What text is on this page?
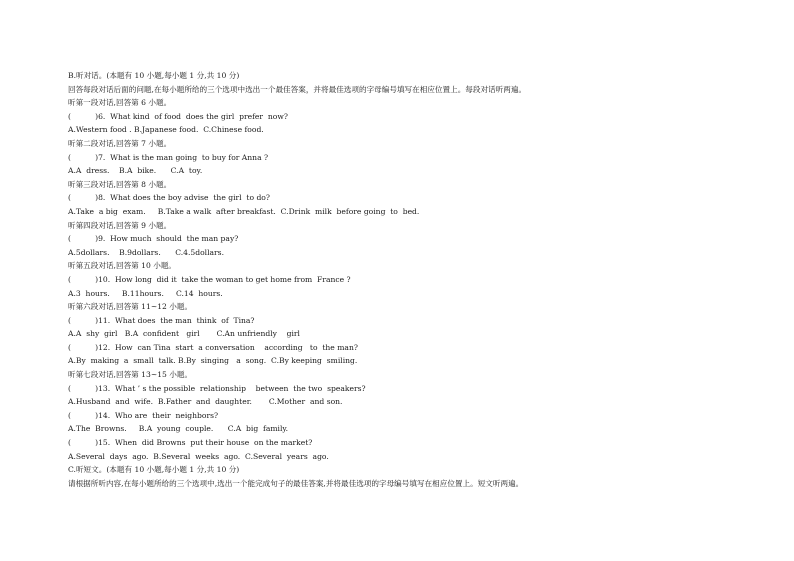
B.听对话。(本题有 10 小题,每小题 1 分,共 10 分)
回答每段对话后面的问题,在每小题所给的三个选项中选出一个最佳答案，并将最佳选项的字母编号填写在相应位置上。每段对话听两遍。
听第一段对话,回答第 6 小题。
(          )6.  What kind  of food  does the girl  prefer  now?
A.Western food . B.Japanese food.  C.Chinese food.
听第二段对话,回答第 7 小题。
(          )7.  What is the man going  to buy for Anna ?
A.A  dress.    B.A  bike.      C.A  toy.
听第三段对话,回答第 8 小题。
(          )8.  What does the boy advise  the girl  to do?
A.Take  a big  exam.     B.Take a walk  after breakfast.  C.Drink  milk  before going  to  bed.
听第四段对话,回答第 9 小题。
(          )9.  How much  should  the man pay?
A.5dollars.    B.9dollars.      C.4.5dollars.
听第五段对话,回答第 10 小题。
(          )10.  How long  did it  take the woman to get home from  France ?
A.3  hours.     B.11hours.     C.14  hours.
听第六段对话,回答第 11~12 小题。
(          )11.  What does  the man  think  of  Tina?
A.A  shy  girl   B.A  confident   girl       C.An unfriendly    girl
(          )12.  How  can Tina  start  a conversation    according   to  the man?
A.By  making  a  small  talk. B.By  singing   a  song.  C.By keeping  smiling.
听第七段对话,回答第 13~15 小题。
(          )13.  What ’ s the possible  relationship    between  the two  speakers?
A.Husband  and  wife.  B.Father  and  daughter.       C.Mother  and son.
(          )14.  Who are  their  neighbors?
A.The  Browns.     B.A  young  couple.      C.A  big  family.
(          )15.  When  did Browns  put their house  on the market?
A.Several  days  ago.  B.Several  weeks  ago.  C.Several  years  ago.
C.听短文。(本题有 10 小题,每小题 1 分,共 10 分)
请根据所听内容,在每小题所给的三个选项中,选出一个能完成句子的最佳答案,并将最佳选项的字母编号填写在相应位置上。短文听两遍。
